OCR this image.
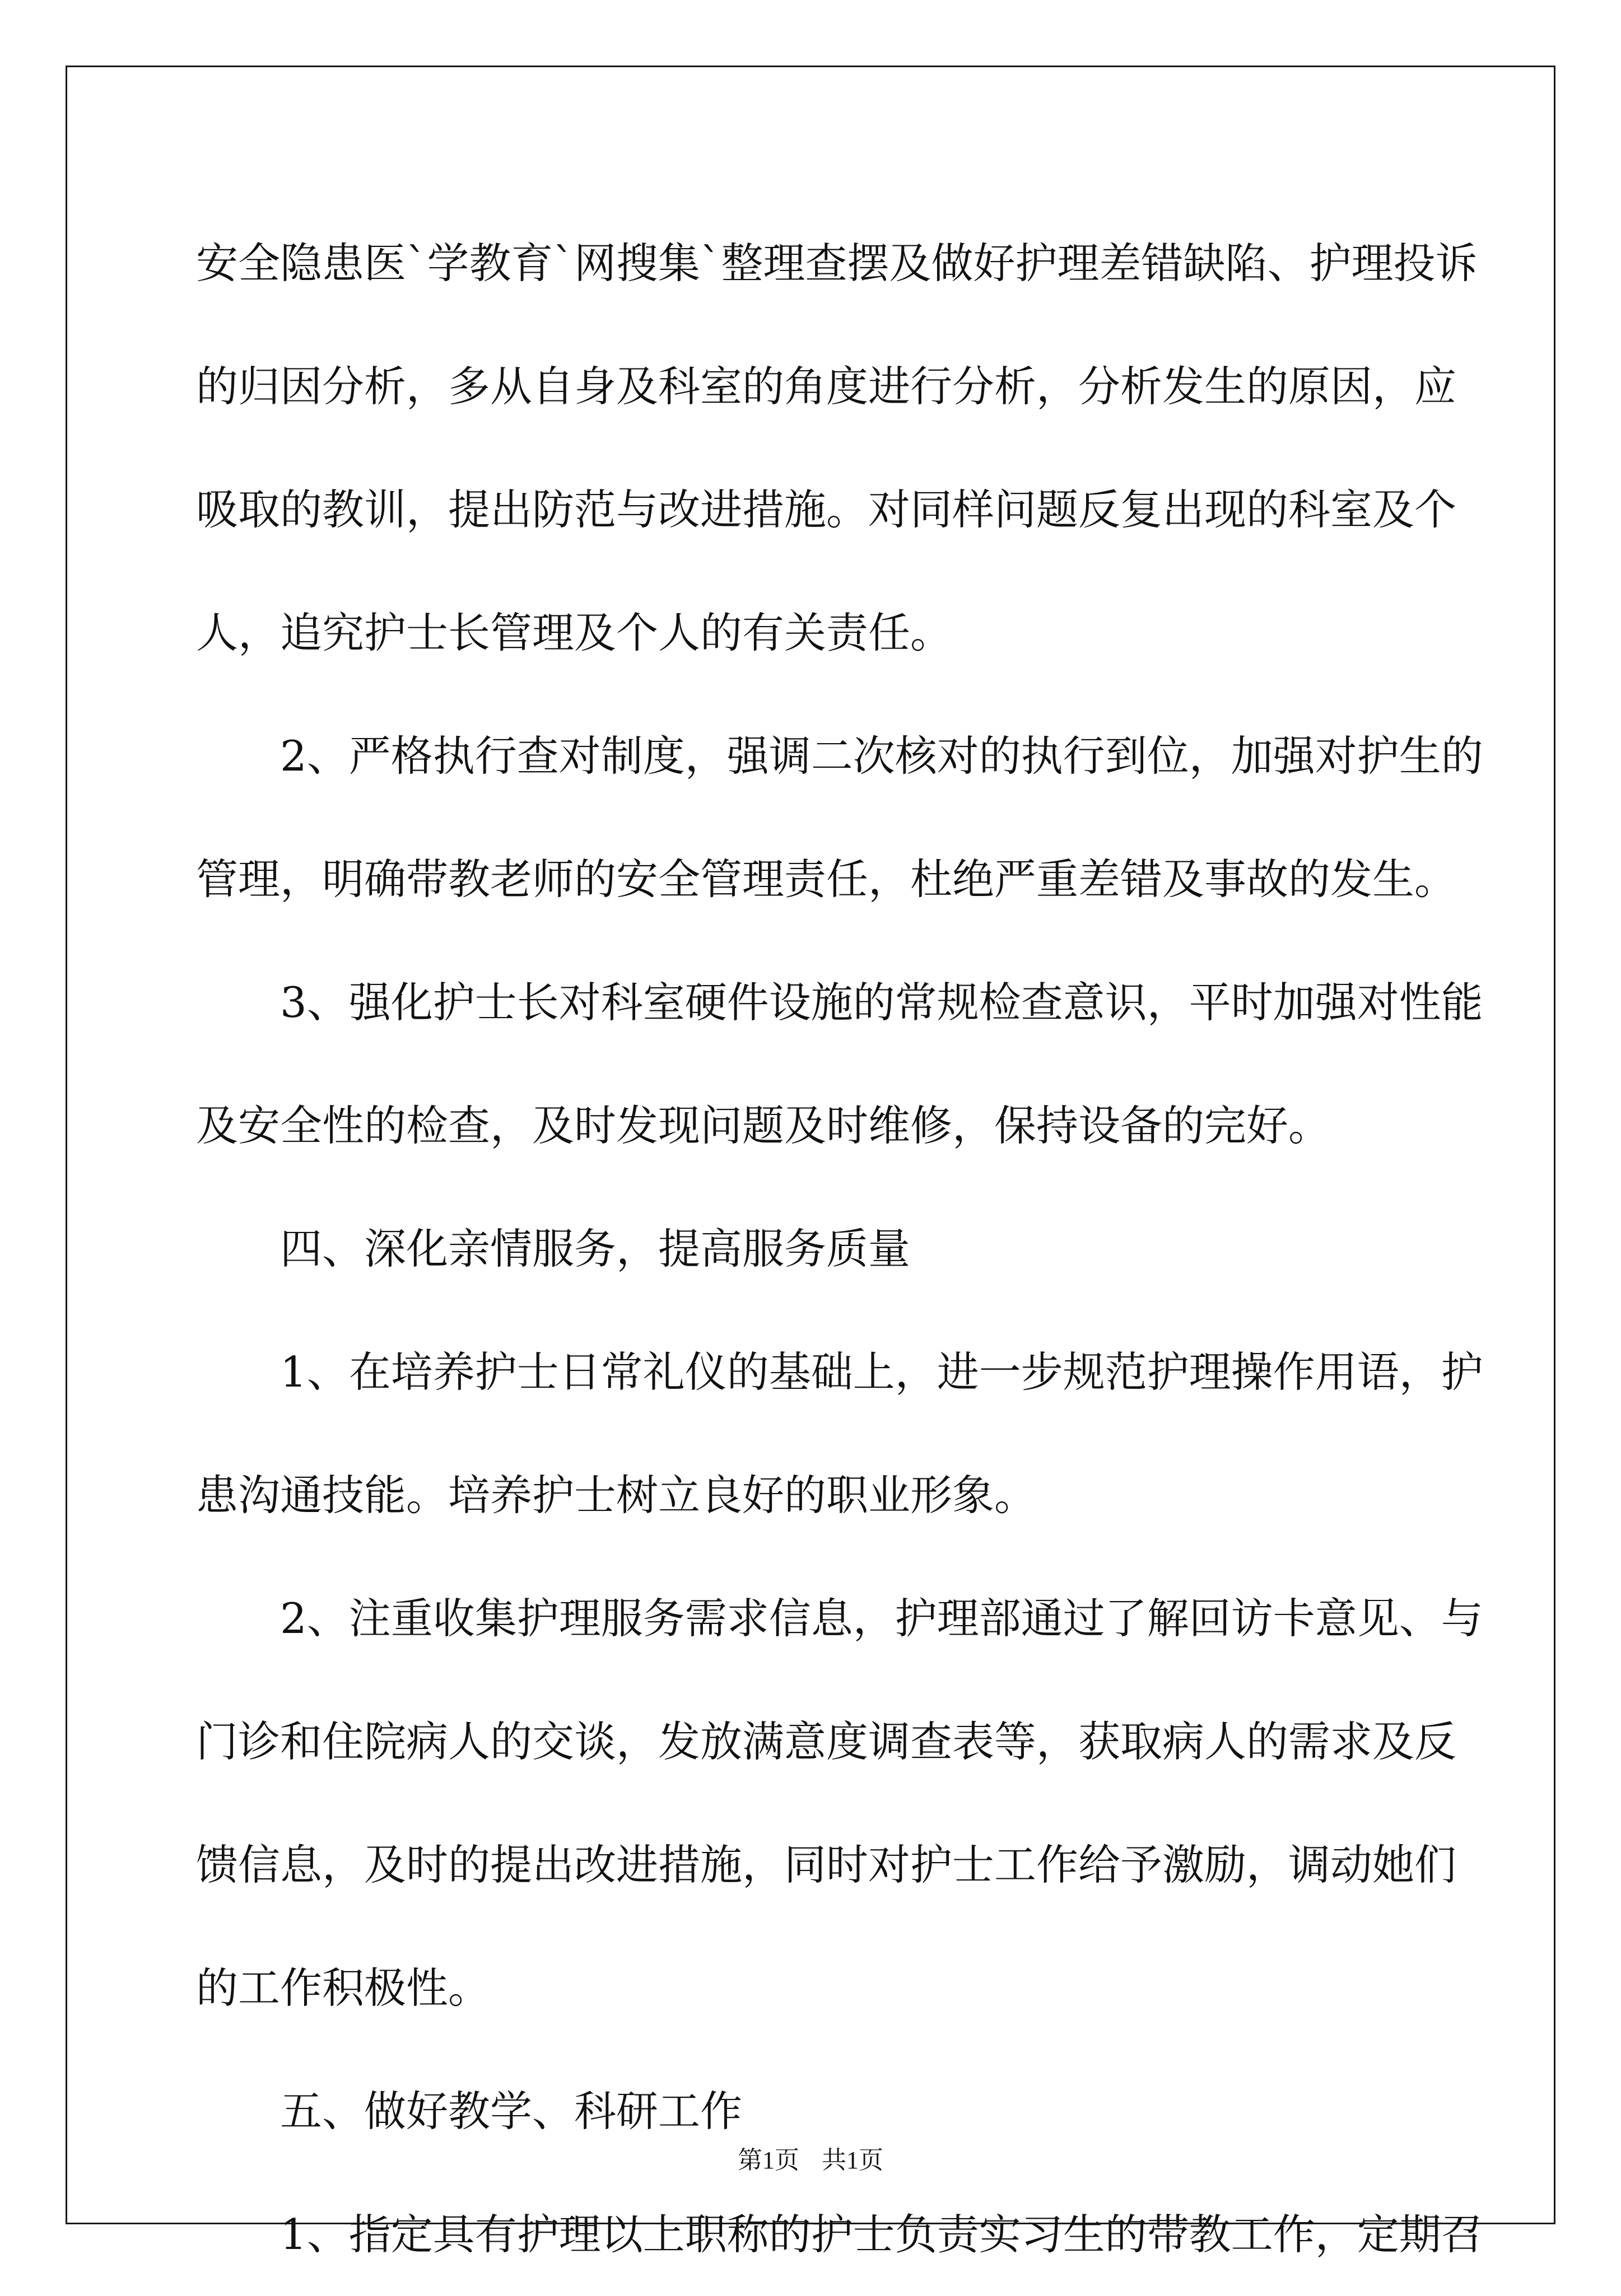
安全隐患医`学教育`网搜集`整理查摆及做好护理差错缺陷、护理投诉
的归因分析，多从自身及科室的角度进行分析，分析发生的原因，应
吸取的教训，提出防范与改进措施。对同样问题反复出现的科室及个
人，追究护士长管理及个人的有关责任。
2、严格执行查对制度，强调二次核对的执行到位，加强对护生的
管理，明确带教老师的安全管理责任，杜绝严重差错及事故的发生。
3、强化护士长对科室硬件设施的常规检查意识，平时加强对性能
及安全性的检查，及时发现问题及时维修，保持设备的完好。
四、深化亲情服务，提高服务质量
1、在培养护士日常礼仪的基础上，进一步规范护理操作用语，护
患沟通技能。培养护士树立良好的职业形象。
2、注重收集护理服务需求信息，护理部通过了解回访卡意见、与
门诊和住院病人的交谈，发放满意度调查表等，获取病人的需求及反
馈信息，及时的提出改进措施，同时对护士工作给予激励，调动她们
的工作积极性。
五、做好教学、科研工作
1、指定具有护理以上职称的护士负责实习生的带教工作，定期召
第1页 共1页
